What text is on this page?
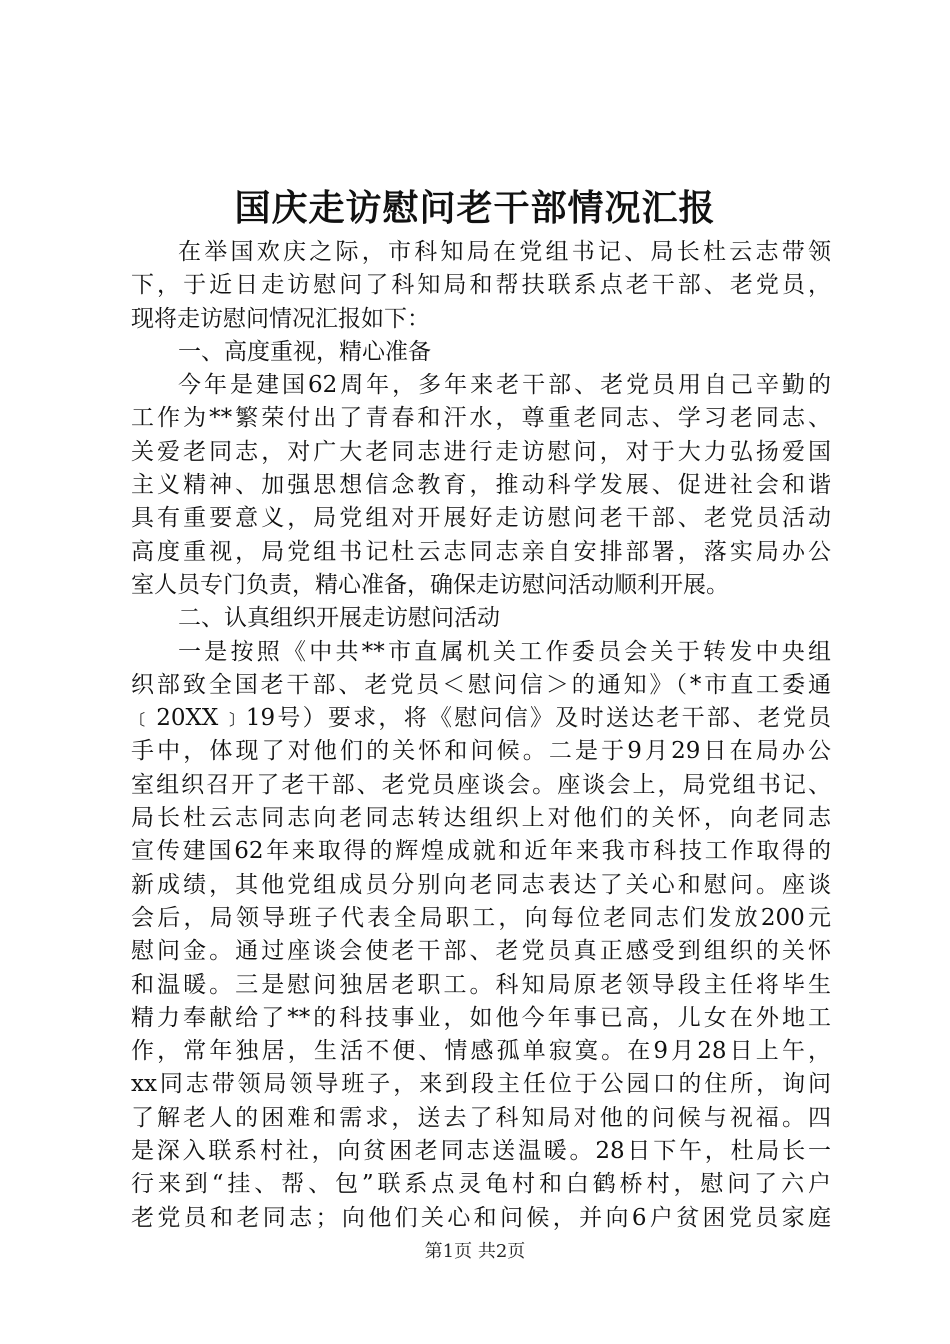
国庆走访慰问老干部情况汇报
在举国欢庆之际，市科知局在党组书记、局长杜云志带领
下，于近日走访慰问了科知局和帮扶联系点老干部、老党员，
现将走访慰问情况汇报如下：
一、高度重视，精心准备
今年是建国62周年，多年来老干部、老党员用自己辛勤的
工作为**繁荣付出了青春和汗水，尊重老同志、学习老同志、
关爱老同志，对广大老同志进行走访慰问，对于大力弘扬爱国
主义精神、加强思想信念教育，推动科学发展、促进社会和谐
具有重要意义，局党组对开展好走访慰问老干部、老党员活动
高度重视，局党组书记杜云志同志亲自安排部署，落实局办公
室人员专门负责，精心准备，确保走访慰问活动顺利开展。
二、认真组织开展走访慰问活动
一是按照《中共**市直属机关工作委员会关于转发中央组
织部致全国老干部、老党员＜慰问信＞的通知》（*市直工委通
﹝20XX﹞19号）要求，将《慰问信》及时送达老干部、老党员
手中，体现了对他们的关怀和问候。二是于9月29日在局办公
室组织召开了老干部、老党员座谈会。座谈会上，局党组书记、
局长杜云志同志向老同志转达组织上对他们的关怀，向老同志
宣传建国62年来取得的辉煌成就和近年来我市科技工作取得的
新成绩，其他党组成员分别向老同志表达了关心和慰问。座谈
会后，局领导班子代表全局职工，向每位老同志们发放200元
慰问金。通过座谈会使老干部、老党员真正感受到组织的关怀
和温暖。三是慰问独居老职工。科知局原老领导段主任将毕生
精力奉献给了**的科技事业，如他今年事已高，儿女在外地工
作，常年独居，生活不便、情感孤单寂寞。在9月28日上午，
xx同志带领局领导班子，来到段主任位于公园口的住所，询问
了解老人的困难和需求，送去了科知局对他的问候与祝福。四
是深入联系村社，向贫困老同志送温暖。28日下午，杜局长一
行来到“挂、帮、包”联系点灵龟村和白鹤桥村，慰问了六户
老党员和老同志；向他们关心和问候，并向6户贫困党员家庭
第1页 共2页
